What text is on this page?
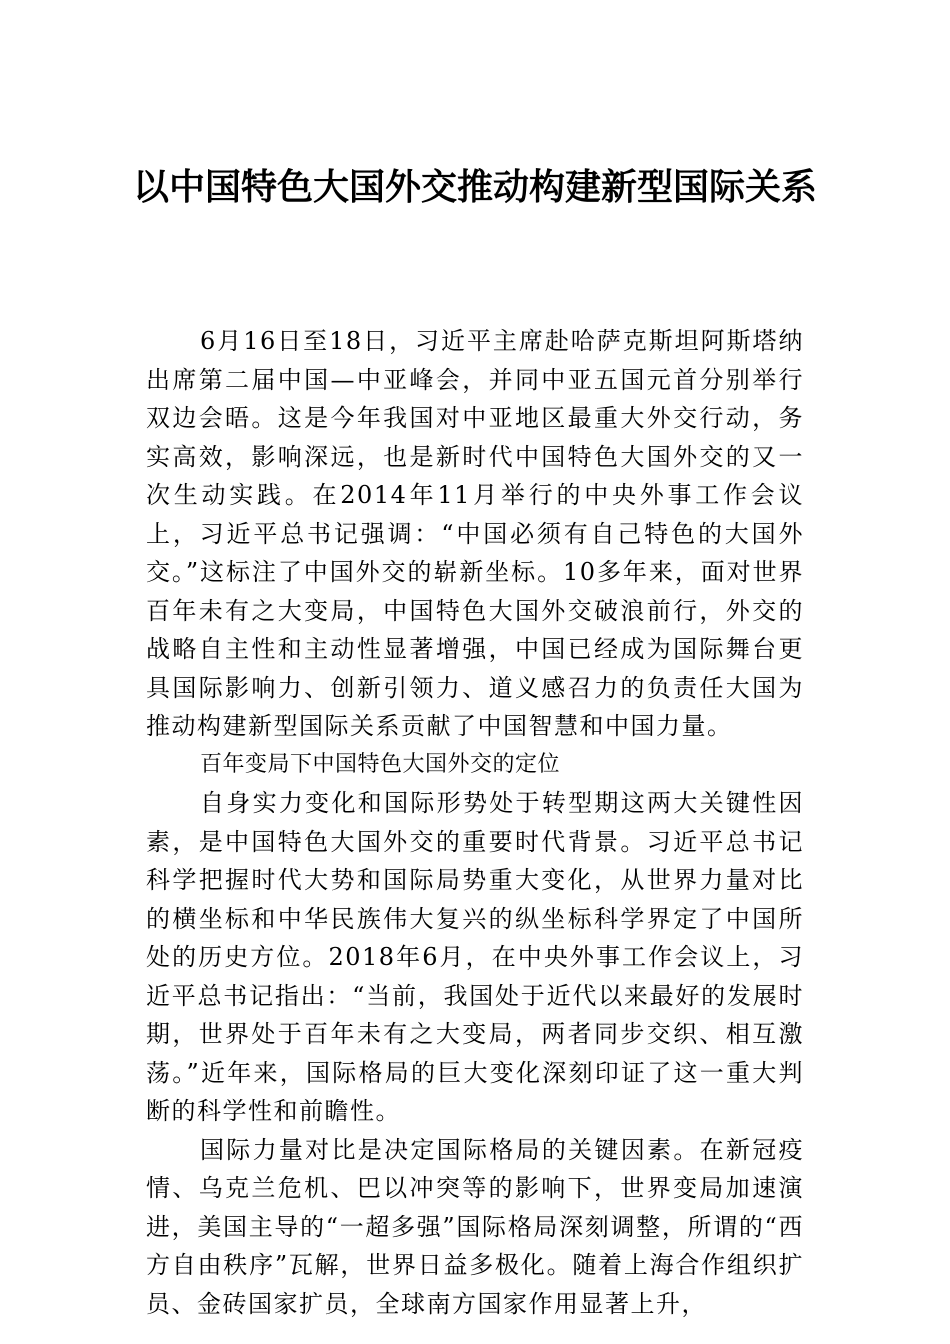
以中国特色大国外交推动构建新型国际关系

6月16日至18日，习近平主席赴哈萨克斯坦阿斯塔纳出席第二届中国—中亚峰会，并同中亚五国元首分别举行双边会晤。这是今年我国对中亚地区最重大外交行动，务实高效，影响深远，也是新时代中国特色大国外交的又一次生动实践。在2014年11月举行的中央外事工作会议上，习近平总书记强调：“中国必须有自己特色的大国外交。”这标注了中国外交的崭新坐标。10多年来，面对世界百年未有之大变局，中国特色大国外交破浪前行，外交的战略自主性和主动性显著增强，中国已经成为国际舞台更具国际影响力、创新引领力、道义感召力的负责任大国为推动构建新型国际关系贡献了中国智慧和中国力量。

百年变局下中国特色大国外交的定位

自身实力变化和国际形势处于转型期这两大关键性因素，是中国特色大国外交的重要时代背景。习近平总书记科学把握时代大势和国际局势重大变化，从世界力量对比的横坐标和中华民族伟大复兴的纵坐标科学界定了中国所处的历史方位。2018年6月，在中央外事工作会议上，习近平总书记指出：“当前，我国处于近代以来最好的发展时期，世界处于百年未有之大变局，两者同步交织、相互激荡。”近年来，国际格局的巨大变化深刻印证了这一重大判断的科学性和前瞻性。

国际力量对比是决定国际格局的关键因素。在新冠疫情、乌克兰危机、巴以冲突等的影响下，世界变局加速演进，美国主导的“一超多强”国际格局深刻调整，所谓的“西方自由秩序”瓦解，世界日益多极化。随着上海合作组织扩员、金砖国家扩员，全球南方国家作用显著上升，
